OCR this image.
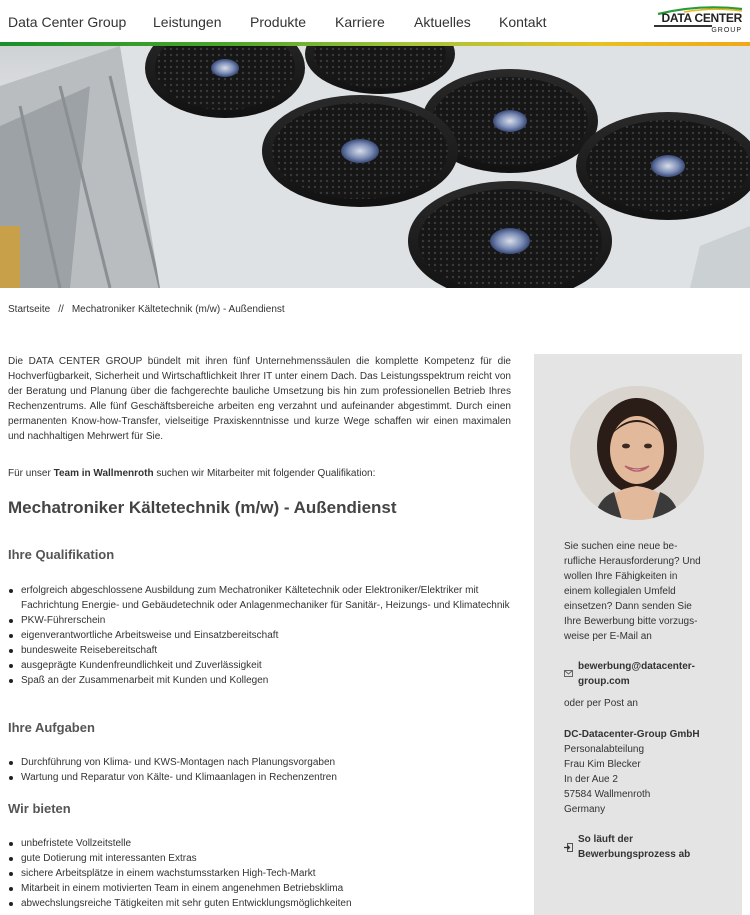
Data Center Group Leistungen Produkte Karriere Aktuelles Kontakt	DATA CENTER
GROUP
Startseite // Mechatroniker Kältetechnik (m/w) - Außendienst

Die DATA CENTER GROUP bündelt mit ihren fünf Unternehmenssäulen die komplette Kompetenz für die Hochverfügbarkeit, Sicherheit und Wirtschaftlichkeit Ihrer IT unter einem Dach. Das Leistungsspektrum reicht von der Beratung und Planung über die fachgerechte bauliche Umsetzung bis hin zum professionellen Betrieb Ihres Rechenzentrums. Alle fünf Geschäftsbereiche arbeiten eng verzahnt und aufeinander abgestimmt. Durch einen permanenten Know-how-Transfer, vielseitige Praxiskenntnisse und kurze Wege schaffen wir einen maximalen und nachhaltigen Mehrwert für Sie.

Für unser Team in Wallmenroth suchen wir Mitarbeiter mit folgender Qualifikation:
Mechatroniker Kältetechnik (m/w) - Außendienst
Ihre Qualifikation
erfolgreich abgeschlossene Ausbildung zum Mechatroniker Kältetechnik oder Elektroniker/Elektriker mit Fachrichtung Energie- und Gebäudetechnik oder Anlagenmechaniker für Sanitär-, Heizungs- und Klimatechnik
PKW-Führerschein
eigenverantwortliche Arbeitsweise und Einsatzbereitschaft
bundesweite Reisebereitschaft
ausgeprägte Kundenfreundlichkeit und Zuverlässigkeit
Spaß an der Zusammenarbeit mit Kunden und Kollegen
Ihre Aufgaben
Durchführung von Klima- und KWS-Montagen nach Planungsvorgaben
Wartung und Reparatur von Kälte- und Klimaanlagen in Rechenzentren
Wir bieten
unbefristete Vollzeitstelle
gute Dotierung mit interessanten Extras
sichere Arbeitsplätze in einem wachstumsstarken High-Tech-Markt
Mitarbeit in einem motivierten Team in einem angenehmen Betriebsklima
abwechslungsreiche Tätigkeiten mit sehr guten Entwicklungsmöglichkeiten
Sie suchen eine neue be-
rufliche Herausforderung? Und
wollen Ihre Fähigkeiten in
einem kollegialen Umfeld
einsetzen? Dann senden Sie
Ihre Bewerbung bitte vorzugs-
weise per E-Mail an
bewerbung@datacenter-
group.com
oder per Post an
DC-Datacenter-Group GmbH
Personalabteilung
Frau Kim Blecker
In der Aue 2
57584 Wallmenroth
Germany
So läuft der
Bewerbungsprozess ab
